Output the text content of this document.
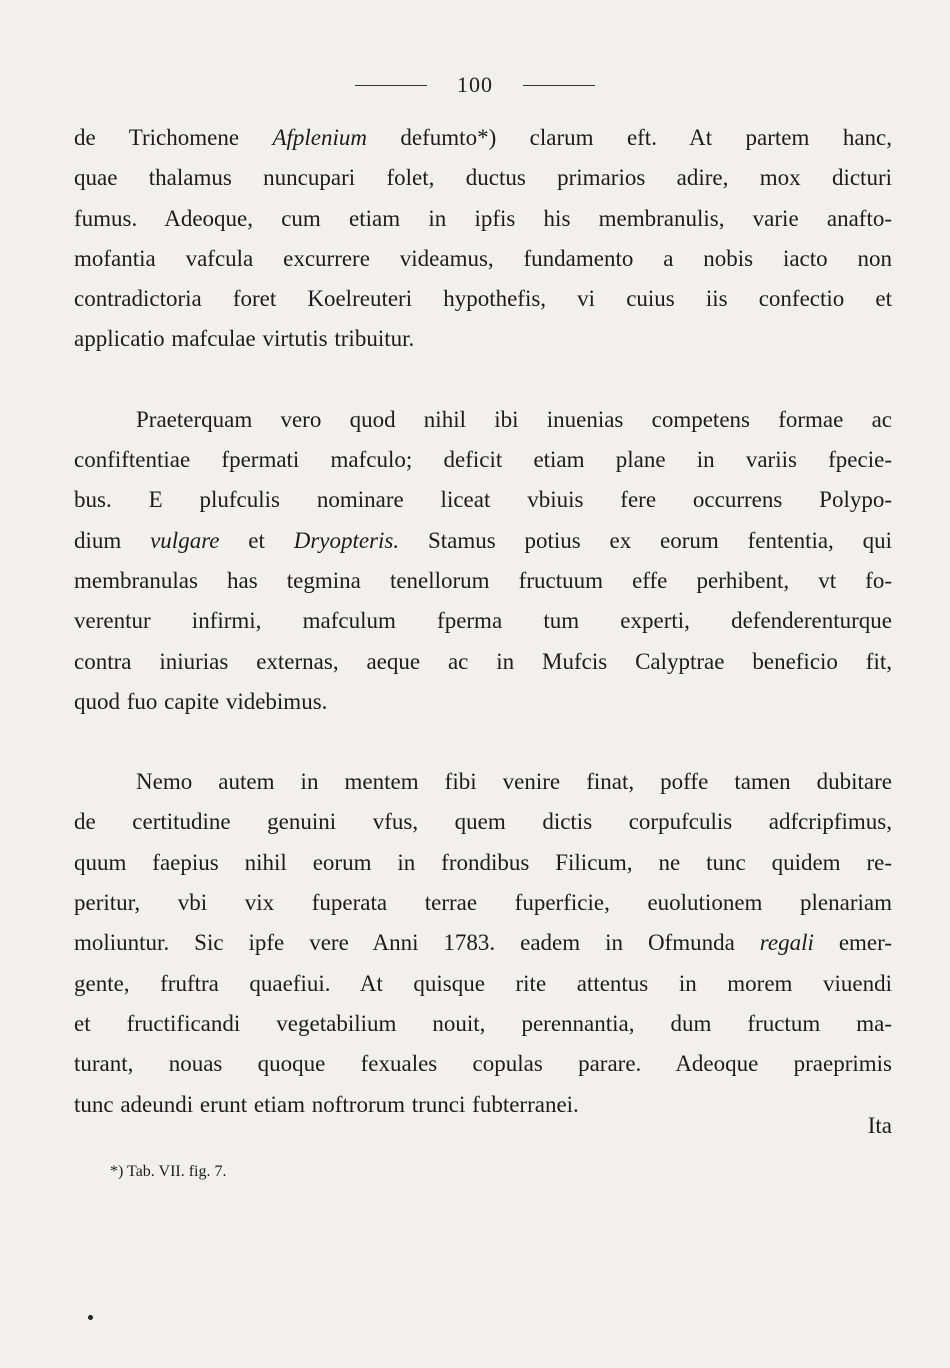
100
de Trichomene Afplenium defumto*) clarum eft. At partem hanc,
quae thalamus nuncupari folet, ductus primarios adire, mox dicturi
fumus. Adeoque, cum etiam in ipfis his membranulis, varie anafto-
mofantia vafcula excurrere videamus, fundamento a nobis iacto non
contradictoria foret Koelreuteri hypothefis, vi cuius iis confectio et
applicatio mafculae virtutis tribuitur.
Praeterquam vero quod nihil ibi inuenias competens formae ac
confiftentiae fpermati mafculo; deficit etiam plane in variis fpecie-
bus. E plufculis nominare liceat vbiuis fere occurrens Polypo-
dium vulgare et Dryopteris. Stamus potius ex eorum fententia, qui
membranulas has tegmina tenellorum fructuum effe perhibent, vt fo-
verentur infirmi, mafculum fperma tum experti, defenderenturque
contra iniurias externas, aeque ac in Mufcis Calyptrae beneficio fit,
quod fuo capite videbimus.
Nemo autem in mentem fibi venire finat, poffe tamen dubitare
de certitudine genuini vfus, quem dictis corpufculis adfcripfimus,
quum faepius nihil eorum in frondibus Filicum, ne tunc quidem re-
peritur, vbi vix fuperata terrae fuperficie, euolutionem plenariam
moliuntur. Sic ipfe vere Anni 1783. eadem in Ofmunda regali emer-
gente, fruftra quaefiui. At quisque rite attentus in morem viuendi
et fructificandi vegetabilium nouit, perennantia, dum fructum ma-
turant, nouas quoque fexuales copulas parare. Adeoque praeprimis
tunc adeundi erunt etiam noftrorum trunci fubterranei.
Ita
*) Tab. VII. fig. 7.
